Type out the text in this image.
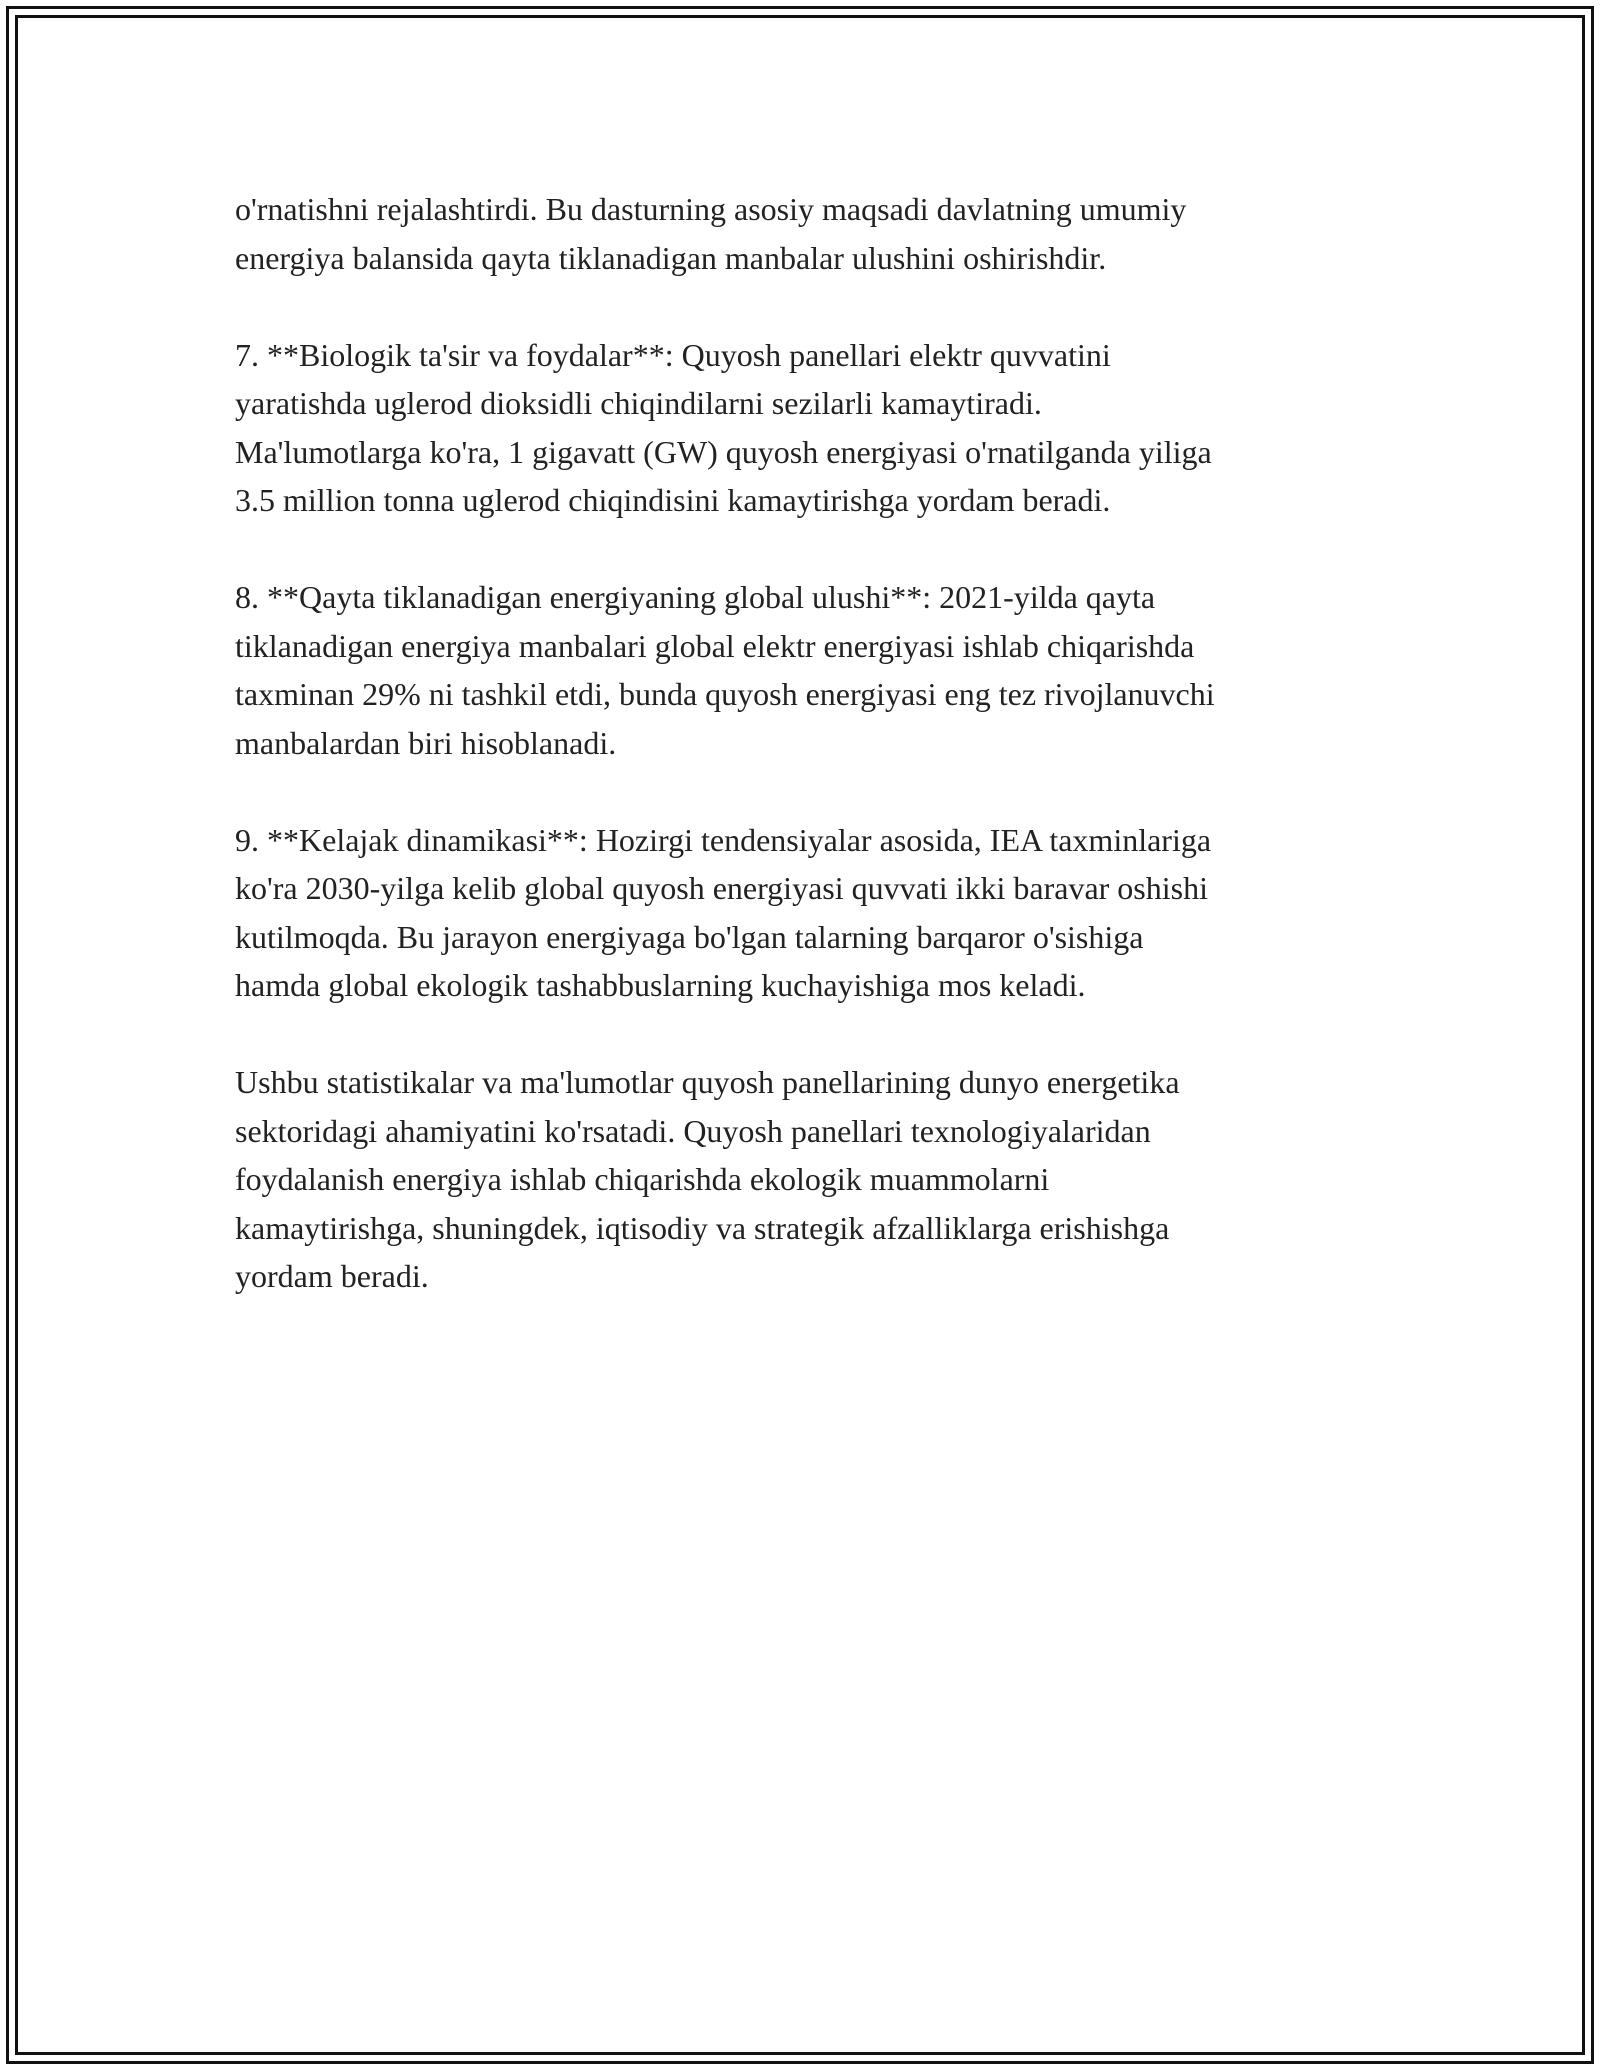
o'rnatishni rejalashtirdi. Bu dasturning asosiy maqsadi davlatning umumiy
energiya balansida qayta tiklanadigan manbalar ulushini oshirishdir.

7. **Biologik ta'sir va foydalar**: Quyosh panellari elektr quvvatini
yaratishda uglerod dioksidli chiqindilarni sezilarli kamaytiradi.
Ma'lumotlarga ko'ra, 1 gigavatt (GW) quyosh energiyasi o'rnatilganda yiliga
3.5 million tonna uglerod chiqindisini kamaytirishga yordam beradi.

8. **Qayta tiklanadigan energiyaning global ulushi**: 2021-yilda qayta
tiklanadigan energiya manbalari global elektr energiyasi ishlab chiqarishda
taxminan 29% ni tashkil etdi, bunda quyosh energiyasi eng tez rivojlanuvchi
manbalardan biri hisoblanadi.

9. **Kelajak dinamikasi**: Hozirgi tendensiyalar asosida, IEA taxminlariga
ko'ra 2030-yilga kelib global quyosh energiyasi quvvati ikki baravar oshishi
kutilmoqda. Bu jarayon energiyaga bo'lgan talarning barqaror o'sishiga
hamda global ekologik tashabbuslarning kuchayishiga mos keladi.

Ushbu statistikalar va ma'lumotlar quyosh panellarining dunyo energetika
sektoridagi ahamiyatini ko'rsatadi. Quyosh panellari texnologiyalaridan
foydalanish energiya ishlab chiqarishda ekologik muammolarni
kamaytirishga, shuningdek, iqtisodiy va strategik afzalliklarga erishishga
yordam beradi.
